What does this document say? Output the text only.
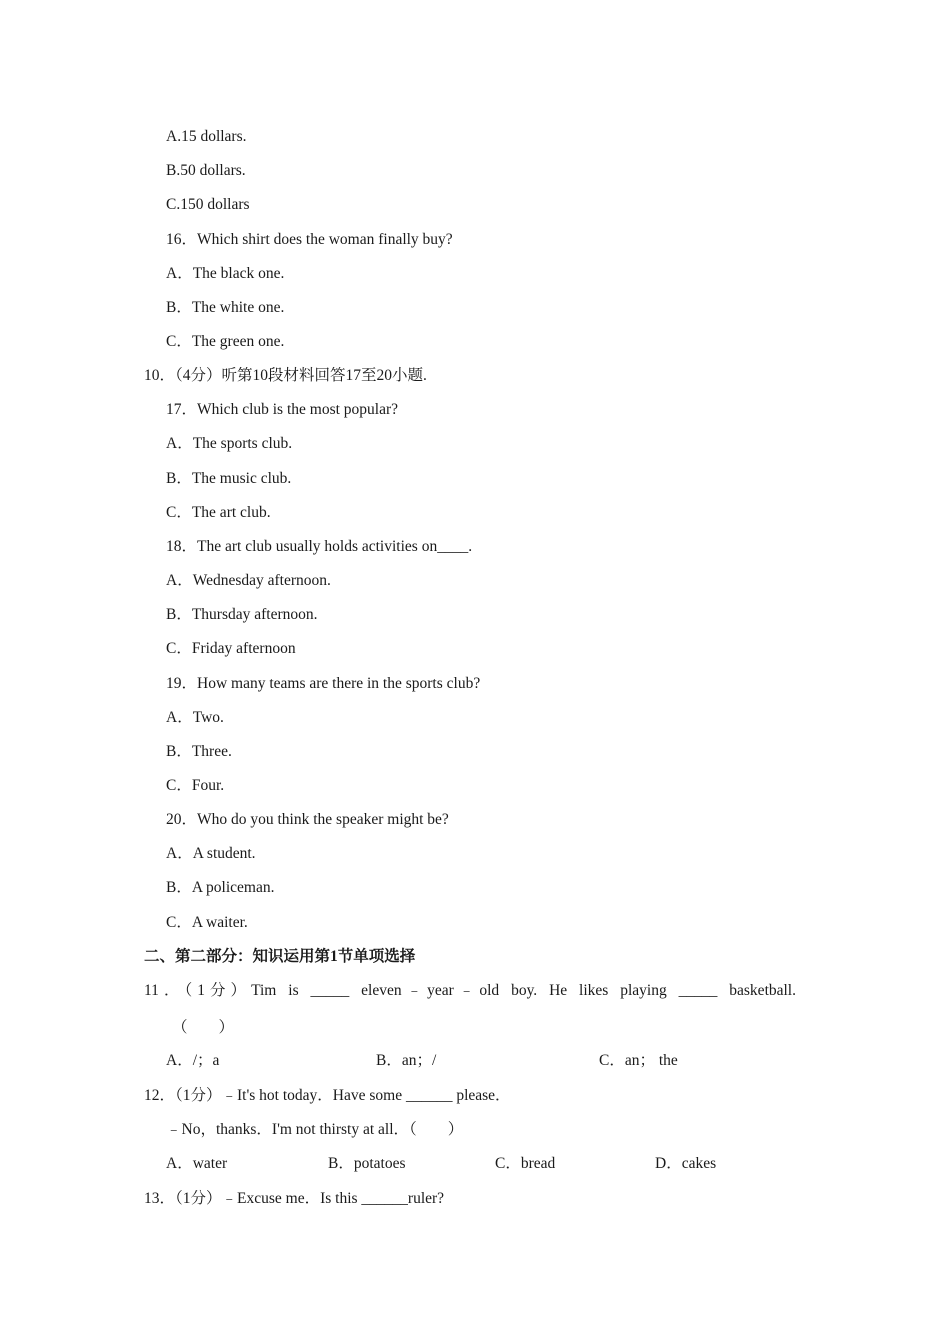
A.15 dollars.
B.50 dollars.
C.150 dollars
16．Which shirt does the woman finally buy?
A．The black one.
B．The white one.
C．The green one.
10．（4分）听第10段材料回答17至20小题.
17．Which club is the most popular?
A．The sports club.
B．The music club.
C．The art club.
18．The art club usually holds activities on____.
A．Wednesday afternoon.
B．Thursday afternoon.
C．Friday afternoon
19．How many teams are there in the sports club?
A．Two.
B．Three.
C．Four.
20．Who do you think the speaker might be?
A．A student.
B．A policeman.
C．A waiter.
二、第二部分：知识运用第1节单项选择
11．（1分）Tim is _____ eleven﹣year﹣old boy. He likes playing _____ basketball.
（　　）
A．/；a	B．an；/	C．an； the
12．（1分）﹣It's hot today．Have some ______ please．
﹣No，thanks．I'm not thirsty at all．（　　）
A．water	B．potatoes	C．bread	D．cakes
13．（1分）﹣Excuse me．Is this ______ruler?
